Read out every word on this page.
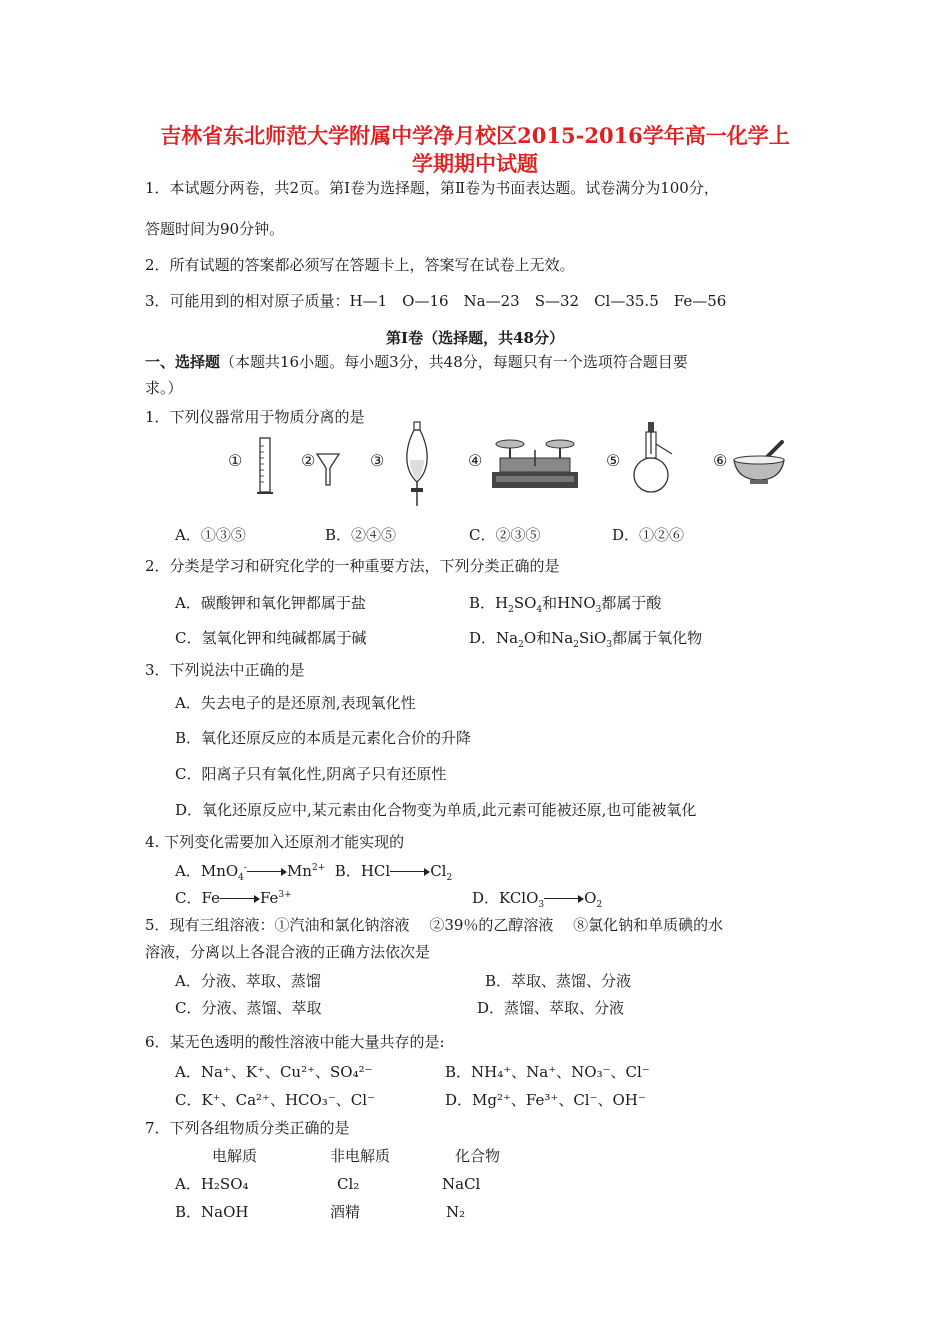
吉林省东北师范大学附属中学净月校区2015-2016学年高一化学上
学期期中试题
1．本试题分两卷，共2页。第Ⅰ卷为选择题，第Ⅱ卷为书面表达题。试卷满分为100分，
答题时间为90分钟。
2．所有试题的答案都必须写在答题卡上，答案写在试卷上无效。
3．可能用到的相对原子质量：H—1　O—16　Na—23　S—32　Cl—35.5　Fe—56
第Ⅰ卷（选择题，共48分）
一、选择题（本题共16小题。每小题3分，共48分，每题只有一个选项符合题目要
求。）
1．下列仪器常用于物质分离的是
①	②	③	④	⑤	⑥
A．①③⑤	B．②④⑤	C．②③⑤	D．①②⑥
2．分类是学习和研究化学的一种重要方法，下列分类正确的是
A．碳酸钾和氧化钾都属于盐	B．$H_2SO_4$和$HNO_3$都属于酸
C．氢氧化钾和纯碱都属于碱	D．$Na_2O$和$Na_2SiO_3$都属于氧化物
3．下列说法中正确的是
A．失去电子的是还原剂,表现氧化性
B．氧化还原反应的本质是元素化合价的升降
C．阳离子只有氧化性,阴离子只有还原性
D．氧化还原反应中,某元素由化合物变为单质,此元素可能被还原,也可能被氧化
4. 下列变化需要加入还原剂才能实现的
A．MnO$_4$-	$Mn^{2+}$ B．HCl	$Cl_2$
C．Fe	$Fe^{3+}$	D．KClO$_3$	$O_2$
5．现有三组溶液：①汽油和氯化钠溶液　 ②39％的乙醇溶液　 ⑧氯化钠和单质碘的水
溶液，分离以上各混合液的正确方法依次是
A．分液、萃取、蒸馏	B．萃取、蒸馏、分液
C．分液、蒸馏、萃取	D．蒸馏、萃取、分液
6．某无色透明的酸性溶液中能大量共存的是:
A．Na⁺、K⁺、Cu²⁺、SO₄²⁻	B．NH₄⁺、Na⁺、NO₃⁻、Cl⁻
C．K⁺、Ca²⁺、HCO₃⁻、Cl⁻	D．Mg²⁺、Fe³⁺、Cl⁻、OH⁻
7．下列各组物质分类正确的是
电解质	非电解质	化合物
A．H₂SO₄	Cl₂	NaCl
B．NaOH	酒精	N₂
